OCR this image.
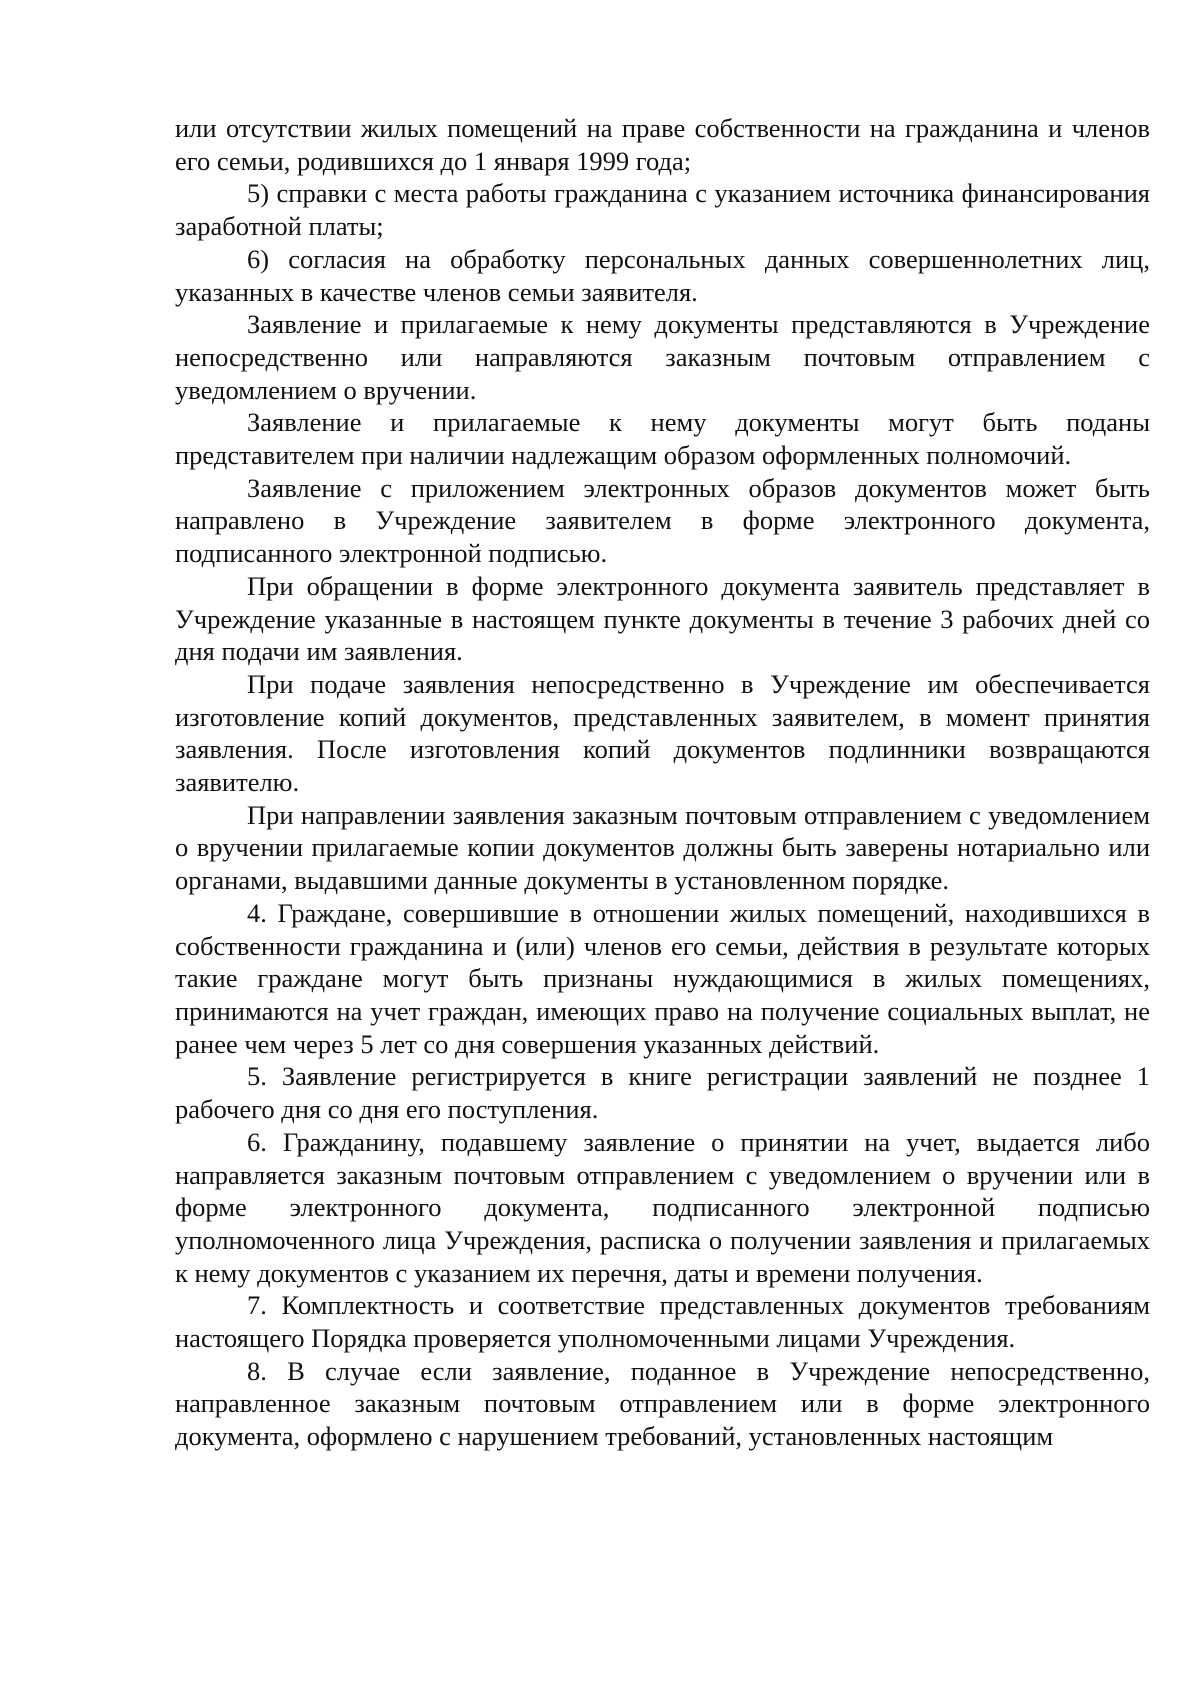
или отсутствии жилых помещений на праве собственности на гражданина и членов его семьи, родившихся до 1 января 1999 года;

5) справки с места работы гражданина с указанием источника финансирования заработной платы;

6) согласия на обработку персональных данных совершеннолетних лиц, указанных в качестве членов семьи заявителя.

Заявление и прилагаемые к нему документы представляются в Учреждение непосредственно или направляются заказным почтовым отправлением с уведомлением о вручении.

Заявление и прилагаемые к нему документы могут быть поданы представителем при наличии надлежащим образом оформленных полномочий.

Заявление с приложением электронных образов документов может быть направлено в Учреждение заявителем в форме электронного документа, подписанного электронной подписью.

При обращении в форме электронного документа заявитель представляет в Учреждение указанные в настоящем пункте документы в течение 3 рабочих дней со дня подачи им заявления.

При подаче заявления непосредственно в Учреждение им обеспечивается изготовление копий документов, представленных заявителем, в момент принятия заявления. После изготовления копий документов подлинники возвращаются заявителю.

При направлении заявления заказным почтовым отправлением с уведомлением о вручении прилагаемые копии документов должны быть заверены нотариально или органами, выдавшими данные документы в установленном порядке.

4. Граждане, совершившие в отношении жилых помещений, находившихся в собственности гражданина и (или) членов его семьи, действия в результате которых такие граждане могут быть признаны нуждающимися в жилых помещениях, принимаются на учет граждан, имеющих право на получение социальных выплат, не ранее чем через 5 лет со дня совершения указанных действий.

5. Заявление регистрируется в книге регистрации заявлений не позднее 1 рабочего дня со дня его поступления.

6. Гражданину, подавшему заявление о принятии на учет, выдается либо направляется заказным почтовым отправлением с уведомлением о вручении или в форме электронного документа, подписанного электронной подписью уполномоченного лица Учреждения, расписка о получении заявления и прилагаемых к нему документов с указанием их перечня, даты и времени получения.

7. Комплектность и соответствие представленных документов требованиям настоящего Порядка проверяется уполномоченными лицами Учреждения.

8. В случае если заявление, поданное в Учреждение непосредственно, направленное заказным почтовым отправлением или в форме электронного документа, оформлено с нарушением требований, установленных настоящим
